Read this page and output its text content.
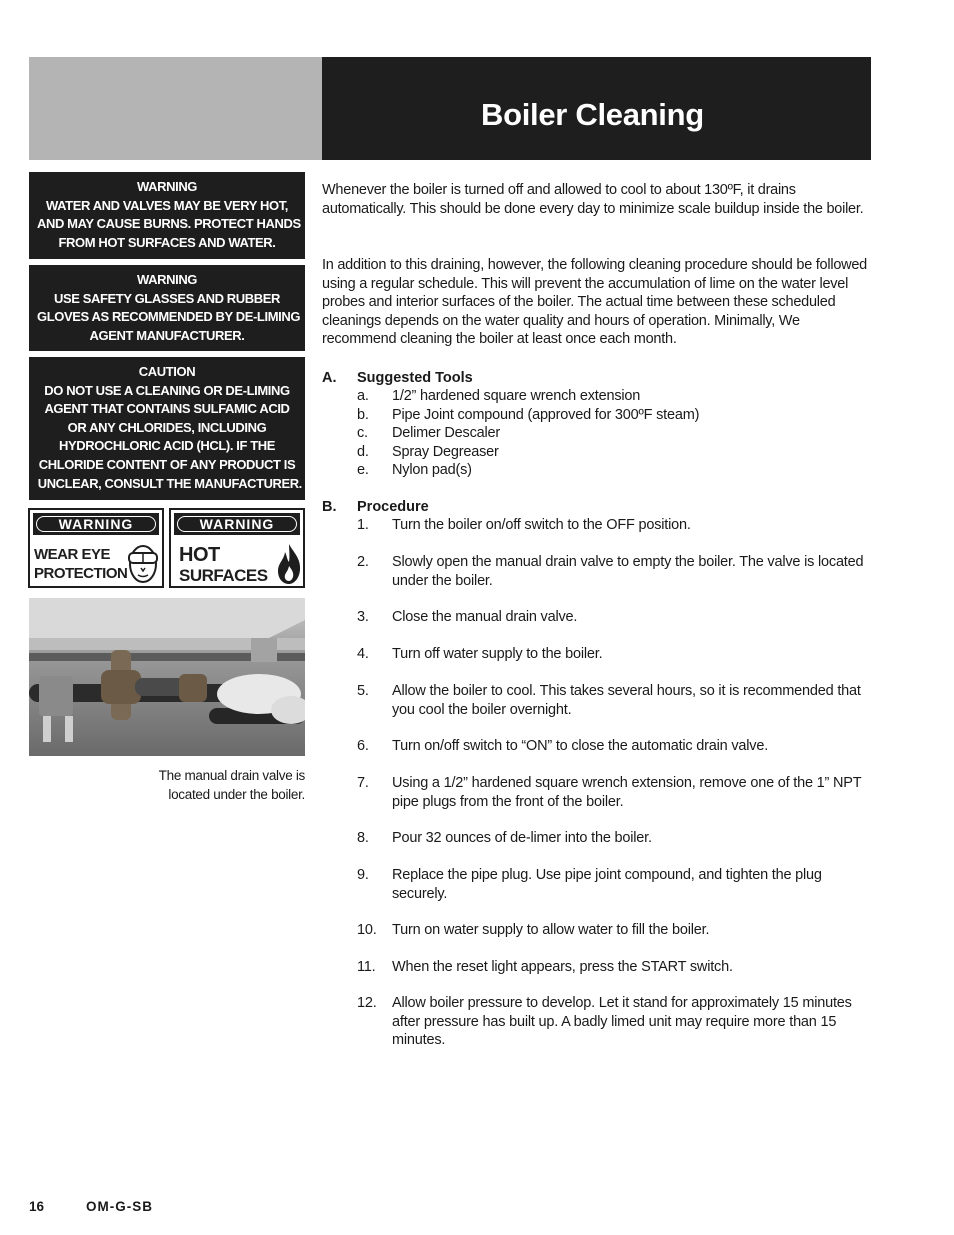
Boiler Cleaning
WARNING
WATER AND VALVES MAY BE VERY HOT,
AND MAY CAUSE BURNS. PROTECT HANDS
FROM HOT SURFACES AND WATER.
WARNING
USE SAFETY GLASSES AND RUBBER
GLOVES AS RECOMMENDED BY DE-LIMING
AGENT MANUFACTURER.
CAUTION
DO NOT USE A CLEANING OR DE-LIMING
AGENT THAT CONTAINS SULFAMIC ACID
OR ANY CHLORIDES, INCLUDING
HYDROCHLORIC ACID (HCL). IF THE
CHLORIDE CONTENT OF ANY PRODUCT IS
UNCLEAR, CONSULT THE MANUFACTURER.
WARNING
WEAR EYE
PROTECTION
WARNING
HOT
SURFACES
The manual drain valve is
located under the boiler.
Whenever the boiler is turned off and allowed to cool to about 130ºF, it drains automatically. This should be done every day to minimize scale buildup inside the boiler.
In addition to this draining, however, the following cleaning procedure should be followed using a regular schedule. This will prevent the accumulation of lime on the water level probes and interior surfaces of the boiler. The actual time between these scheduled cleanings depends on the water quality and hours of operation. Minimally, We recommend cleaning the boiler at least once each month.
A. Suggested Tools
a. 1/2” hardened square wrench extension
b. Pipe Joint compound (approved for 300ºF steam)
c. Delimer Descaler
d. Spray Degreaser
e. Nylon pad(s)
B. Procedure
1. Turn the boiler on/off switch to the OFF position.
2. Slowly open the manual drain valve to empty the boiler. The valve is located under the boiler.
3. Close the manual drain valve.
4. Turn off water supply to the boiler.
5. Allow the boiler to cool. This takes several hours, so it is recommended that you cool the boiler overnight.
6. Turn on/off switch to “ON” to close the automatic drain valve.
7. Using a 1/2” hardened square wrench extension, remove one of the 1” NPT pipe plugs from the front of the boiler.
8. Pour 32 ounces of de-limer into the boiler.
9. Replace the pipe plug. Use pipe joint compound, and tighten the plug securely.
10. Turn on water supply to allow water to fill the boiler.
11. When the reset light appears, press the START switch.
12. Allow boiler pressure to develop. Let it stand for approximately 15 minutes after pressure has built up. A badly limed unit may require more than 15 minutes.
16	OM-G-SB
